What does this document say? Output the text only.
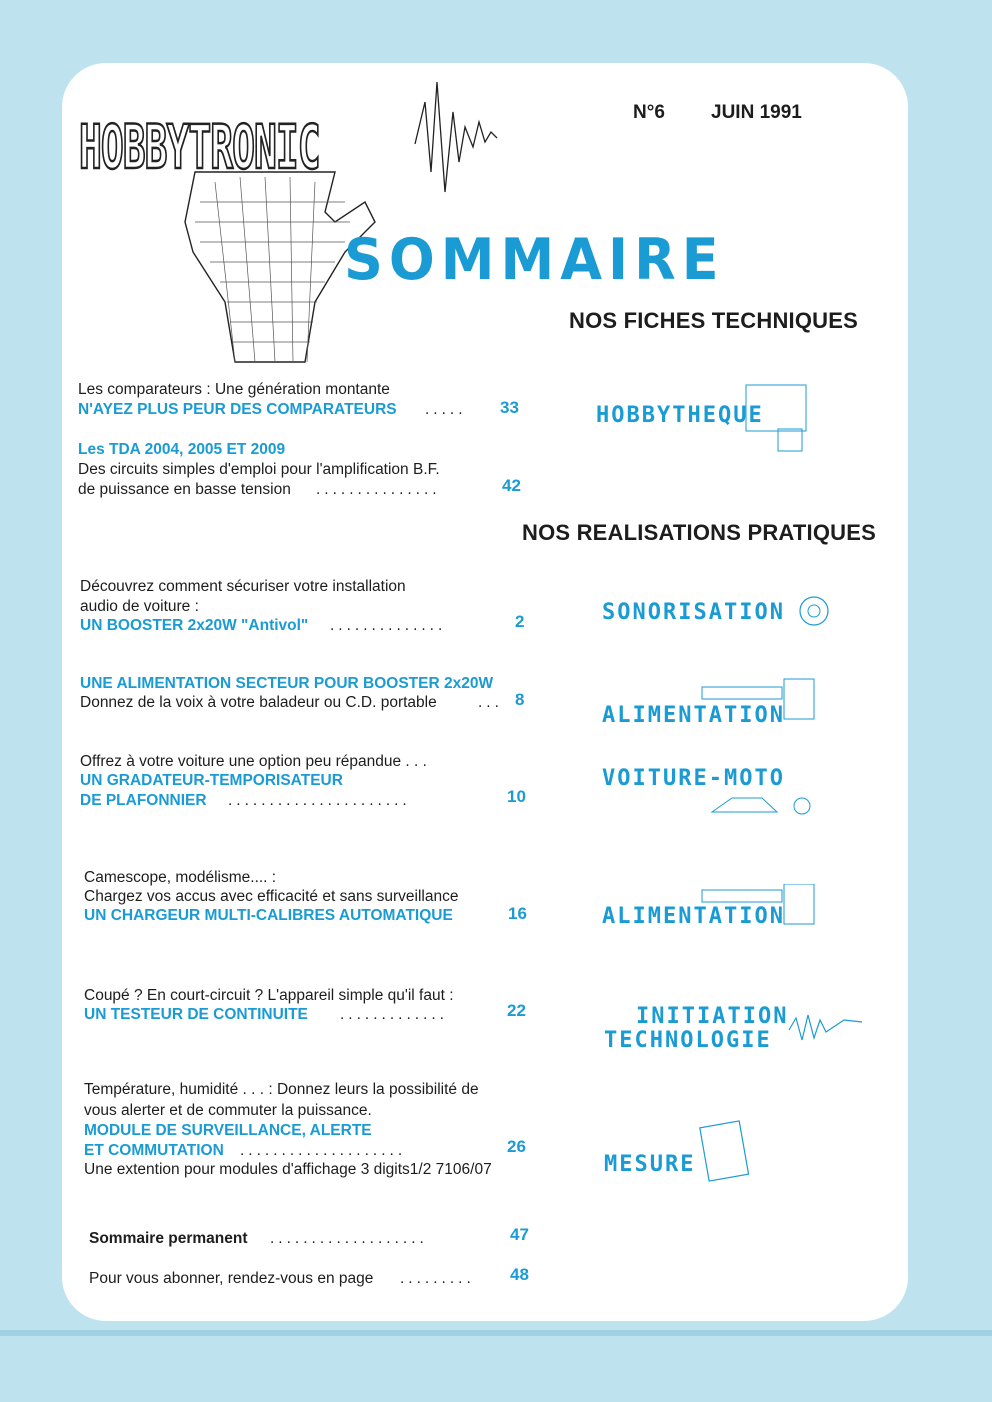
HOBBYTRONIC	N°6 JUIN 1991
SOMMAIRE
NOS FICHES TECHNIQUES
NOS REALISATIONS PRATIQUES
Les comparateurs : Une génération montante
N'AYEZ PLUS PEUR DES COMPARATEURS ..... 33
Les TDA 2004, 2005 ET 2009
Des circuits simples d'emploi pour l'amplification B.F.
de puissance en basse tension ...............	42
Découvrez comment sécuriser votre installation
audio de voiture :
UN BOOSTER 2x20W "Antivol" ..............	2
UNE ALIMENTATION SECTEUR POUR BOOSTER 2x20W
Donnez de la voix à votre baladeur ou C.D. portable	... 8
Offrez à votre voiture une option peu répandue . . .
UN GRADATEUR-TEMPORISATEUR
DE PLAFONNIER ......................	10
Camescope, modélisme.... :
Chargez vos accus avec efficacité et sans surveillance
UN CHARGEUR MULTI-CALIBRES AUTOMATIQUE	16
Coupé ? En court-circuit ? L'appareil simple qu'il faut :
UN TESTEUR DE CONTINUITE .............	22
Température, humidité . . . : Donnez leurs la possibilité de
vous alerter et de commuter la puissance.
MODULE DE SURVEILLANCE, ALERTE
ET COMMUTATION ....................	26
Une extention pour modules d'affichage 3 digits1/2 7106/07
Sommaire permanent ...................	47
Pour vous abonner, rendez-vous en page ......... 48
HOBBYTHEQUE
SONORISATION
ALIMENTATION
VOITURE-MOTO
ALIMENTATION
INITIATION
TECHNOLOGIE
MESURE
